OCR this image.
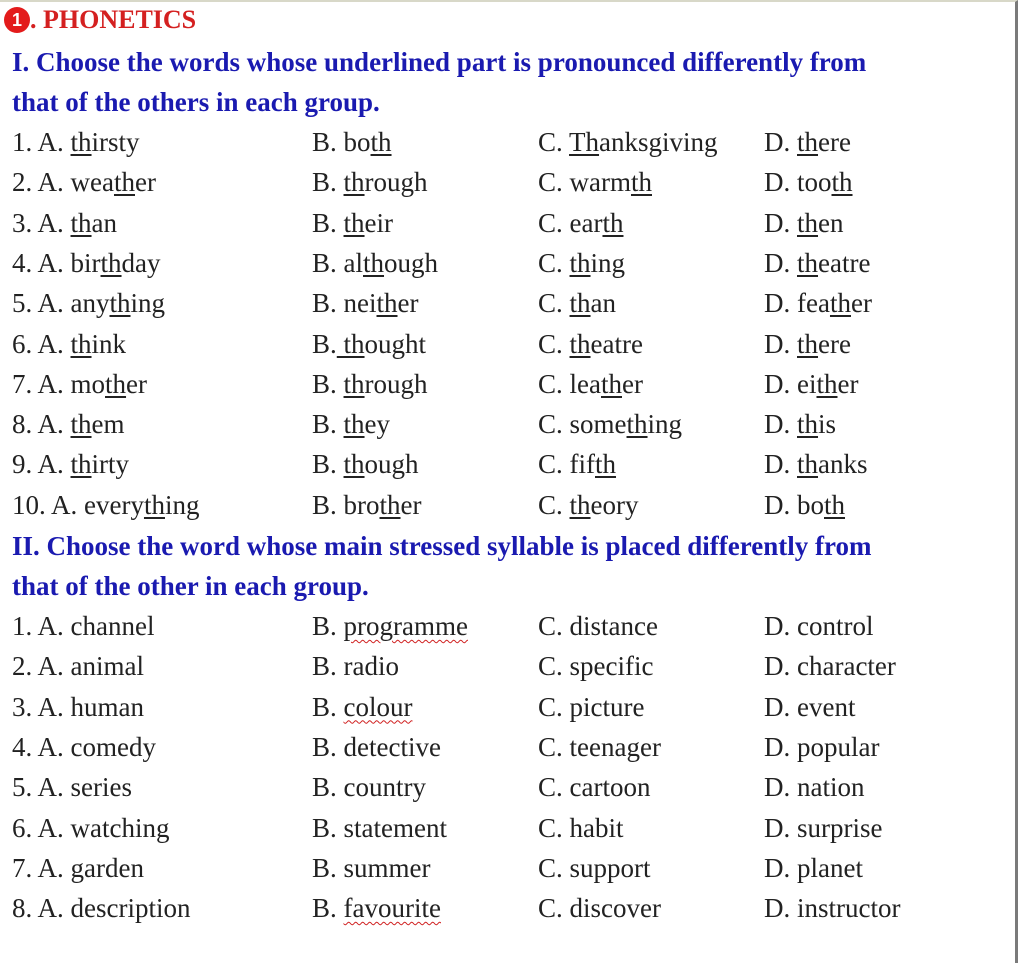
1 . PHONETICS
I. Choose the words whose underlined part is pronounced differently from
that of the others in each group.
1. A. thirsty	B. both	C. Thanksgiving D. there
2. A. weather	B. through	C. warmth	D. tooth
3. A. than	B. their	C. earth	D. then
4. A. birthday	B. although	C. thing	D. theatre
5. A. anything	B. neither	C. than	D. feather
6. A. think	B. thought	C. theatre	D. there
7. A. mother	B. through	C. leather	D. either
8. A. them	B. they	C. something	D. this
9. A. thirty	B. though	C. fifth	D. thanks
10. A. everything	B. brother	C. theory	D. both
II. Choose the word whose main stressed syllable is placed differently from
that of the other in each group.
1. A. channel	B. programme	C. distance	D. control
2. A. animal	B. radio	C. specific	D. character
3. A. human	B. colour	C. picture	D. event
4. A. comedy	B. detective	C. teenager	D. popular
5. A. series	B. country	C. cartoon	D. nation
6. A. watching	B. statement	C. habit	D. surprise
7. A. garden	B. summer	C. support	D. planet
8. A. description	B. favourite	C. discover	D. instructor
